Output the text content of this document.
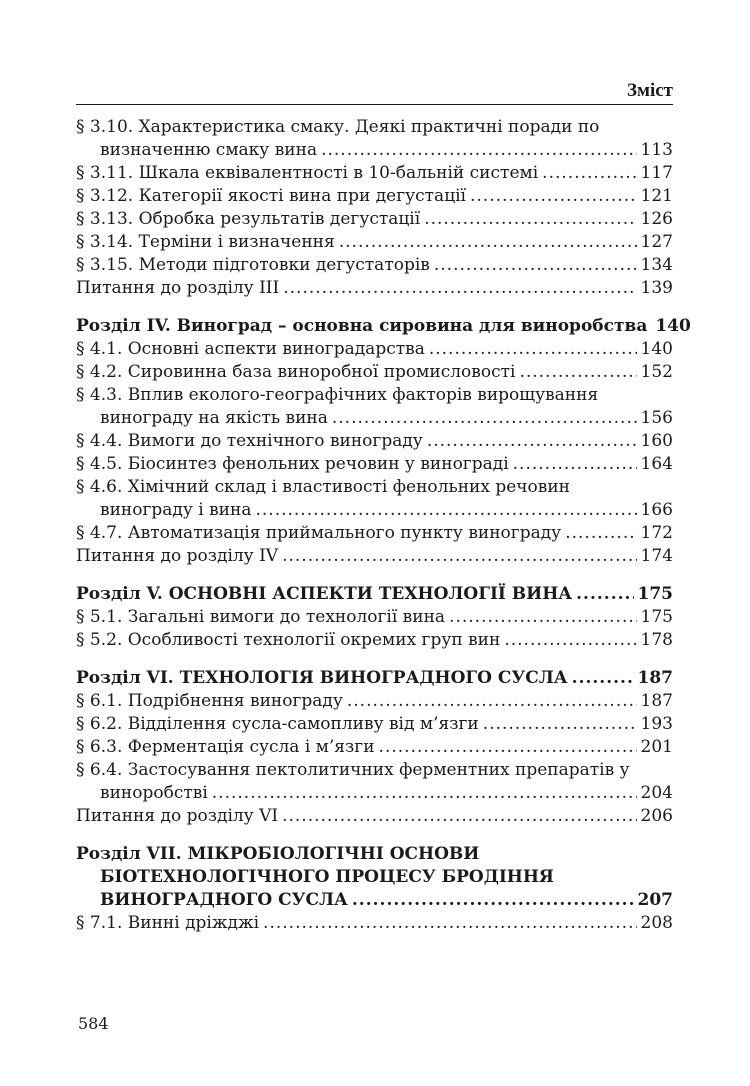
Зміст
§ 3.10. Характеристика смаку. Деякі практичні поради по
визначенню смаку вина .....	113
§ 3.11. Шкала еквівалентності в 10-бальній системі .....	117
§ 3.12. Категорії якості вина при дегустації .....	121
§ 3.13. Обробка результатів дегустації .....	126
§ 3.14. Терміни і визначення .....	127
§ 3.15. Методи підготовки дегустаторів .....	134
Питання до розділу III .....	139
Розділ IV. Виноград – основна сировина для виноробства 140
§ 4.1. Основні аспекти виноградарства .....	140
§ 4.2. Сировинна база виноробної промисловості .....	152
§ 4.3. Вплив еколого-географічних факторів вирощування
винограду на якість вина .....	156
§ 4.4. Вимоги до технічного винограду .....	160
§ 4.5. Біосинтез фенольних речовин у винограді .....	164
§ 4.6. Хімічний склад і властивості фенольних речовин
винограду і вина .....	166
§ 4.7. Автоматизація приймального пункту винограду .....	172
Питання до розділу IV .....	174
Розділ V. ОСНОВНІ АСПЕКТИ ТЕХНОЛОГІЇ ВИНА .....	175
§ 5.1. Загальні вимоги до технології вина .....	175
§ 5.2. Особливості технології окремих груп вин .....	178
Розділ VI. ТЕХНОЛОГІЯ ВИНОГРАДНОГО СУСЛА .....	187
§ 6.1. Подрібнення винограду .....	187
§ 6.2. Відділення сусла-самопливу від м’язги .....	193
§ 6.3. Ферментація сусла і м’язги .....	201
§ 6.4. Застосування пектолитичних ферментних препаратів у
виноробстві .....	204
Питання до розділу VI .....	206
Розділ VII. МІКРОБІОЛОГІЧНІ ОСНОВИ
БІОТЕХНОЛОГІЧНОГО ПРОЦЕСУ БРОДІННЯ
ВИНОГРАДНОГО СУСЛА .....	207
§ 7.1. Винні дріжджі .....	208
584
